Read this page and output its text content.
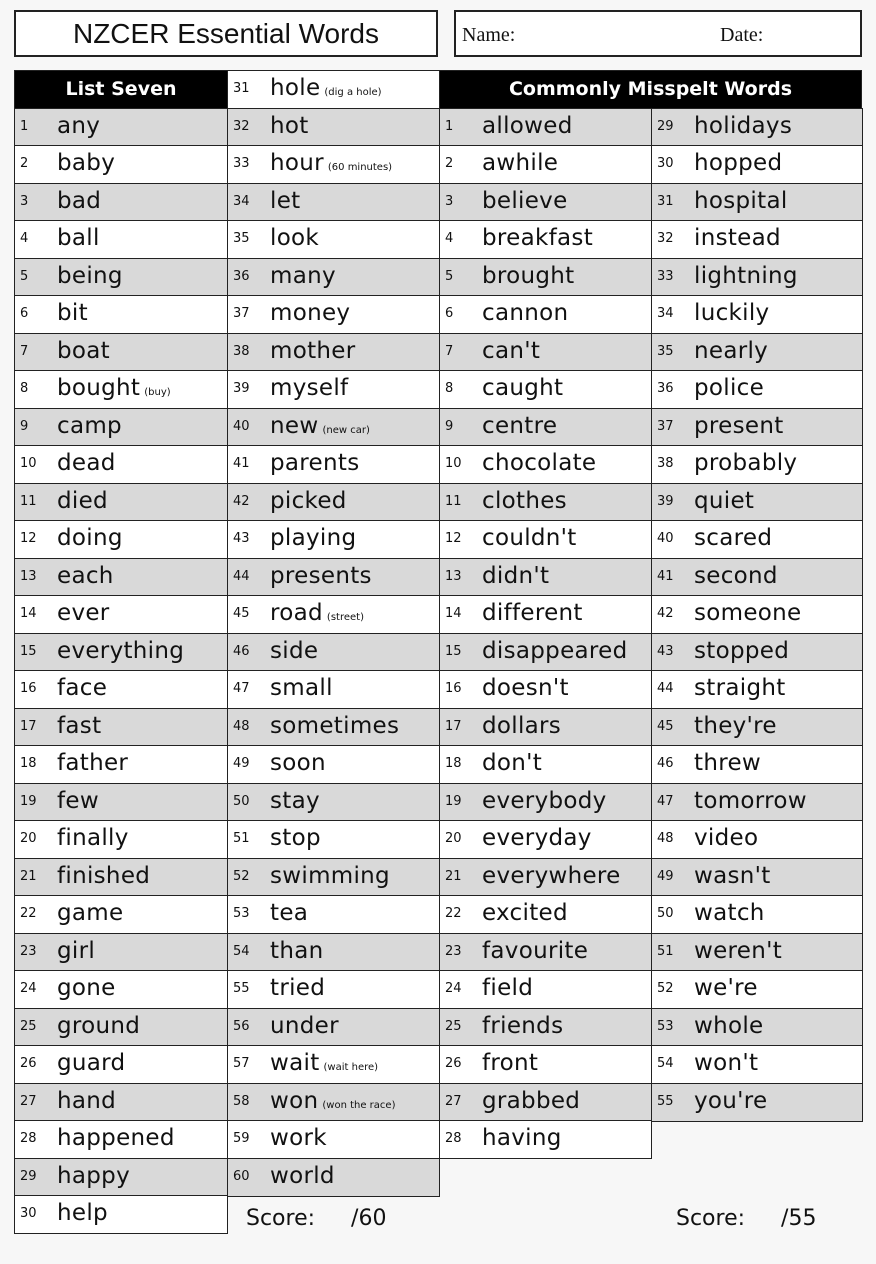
NZCER Essential Words	Name:	Date:
List Seven	Commonly Misspelt Words
1 any
2 baby
3 bad
4 ball
5 being
6 bit
7 boat
8 bought (buy)
9 camp
10 dead
11 died
12 doing
13 each
14 ever
15 everything
16 face
17 fast
18 father
19 few
20 finally
21 finished
22 game
23 girl
24 gone
25 ground
26 guard
27 hand
28 happened
29 happy
30 help
31 hole (dig a hole)
32 hot
33 hour (60 minutes)
34 let
35 look
36 many
37 money
38 mother
39 myself
40 new (new car)
41 parents
42 picked
43 playing
44 presents
45 road (street)
46 side
47 small
48 sometimes
49 soon
50 stay
51 stop
52 swimming
53 tea
54 than
55 tried
56 under
57 wait (wait here)
58 won (won the race)
59 work
60 world
1 allowed
2 awhile
3 believe
4 breakfast
5 brought
6 cannon
7 can't
8 caught
9 centre
10 chocolate
11 clothes
12 couldn't
13 didn't
14 different
15 disappeared
16 doesn't
17 dollars
18 don't
19 everybody
20 everyday
21 everywhere
22 excited
23 favourite
24 field
25 friends
26 front
27 grabbed
28 having
29 holidays
30 hopped
31 hospital
32 instead
33 lightning
34 luckily
35 nearly
36 police
37 present
38 probably
39 quiet
40 scared
41 second
42 someone
43 stopped
44 straight
45 they're
46 threw
47 tomorrow
48 video
49 wasn't
50 watch
51 weren't
52 we're
53 whole
54 won't
55 you're
Score: /60	Score: /55
